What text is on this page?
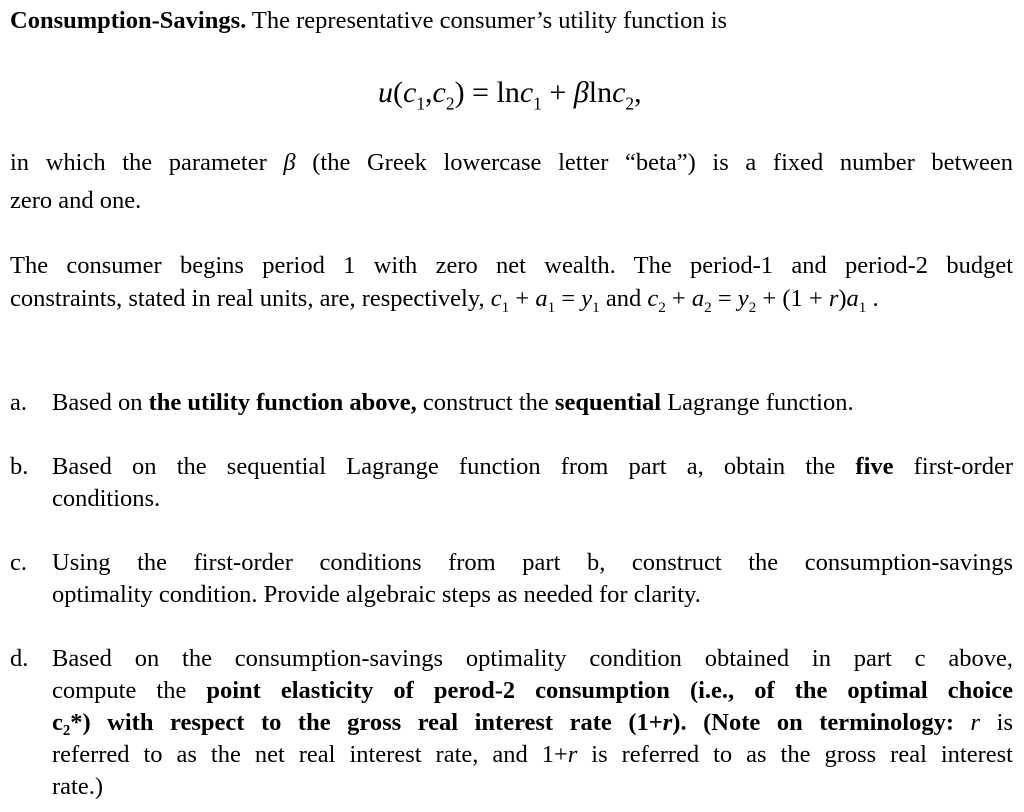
Consumption-Savings. The representative consumer’s utility function is
$u(c_1,c_2) = \ln c_1 + \beta\ln c_2$,
in which the parameter β (the Greek lowercase letter “beta”) is a fixed number between
zero and one.
The consumer begins period 1 with zero net wealth. The period-1 and period-2 budget
constraints, stated in real units, are, respectively, $c_1 + a_1 = y_1$ and $c_2 + a_2 = y_2 + (1 + r)a_1$ .
a. Based on the utility function above, construct the sequential Lagrange function.
b. Based on the sequential Lagrange function from part a, obtain the five first-order
conditions.
c. Using the first-order conditions from part b, construct the consumption-savings
optimality condition. Provide algebraic steps as needed for clarity.
d. Based on the consumption-savings optimality condition obtained in part c above,
compute the point elasticity of perod-2 consumption (i.e., of the optimal choice
c₂*) with respect to the gross real interest rate (1+r). (Note on terminology: r is
referred to as the net real interest rate, and 1+r is referred to as the gross real interest
rate.)
